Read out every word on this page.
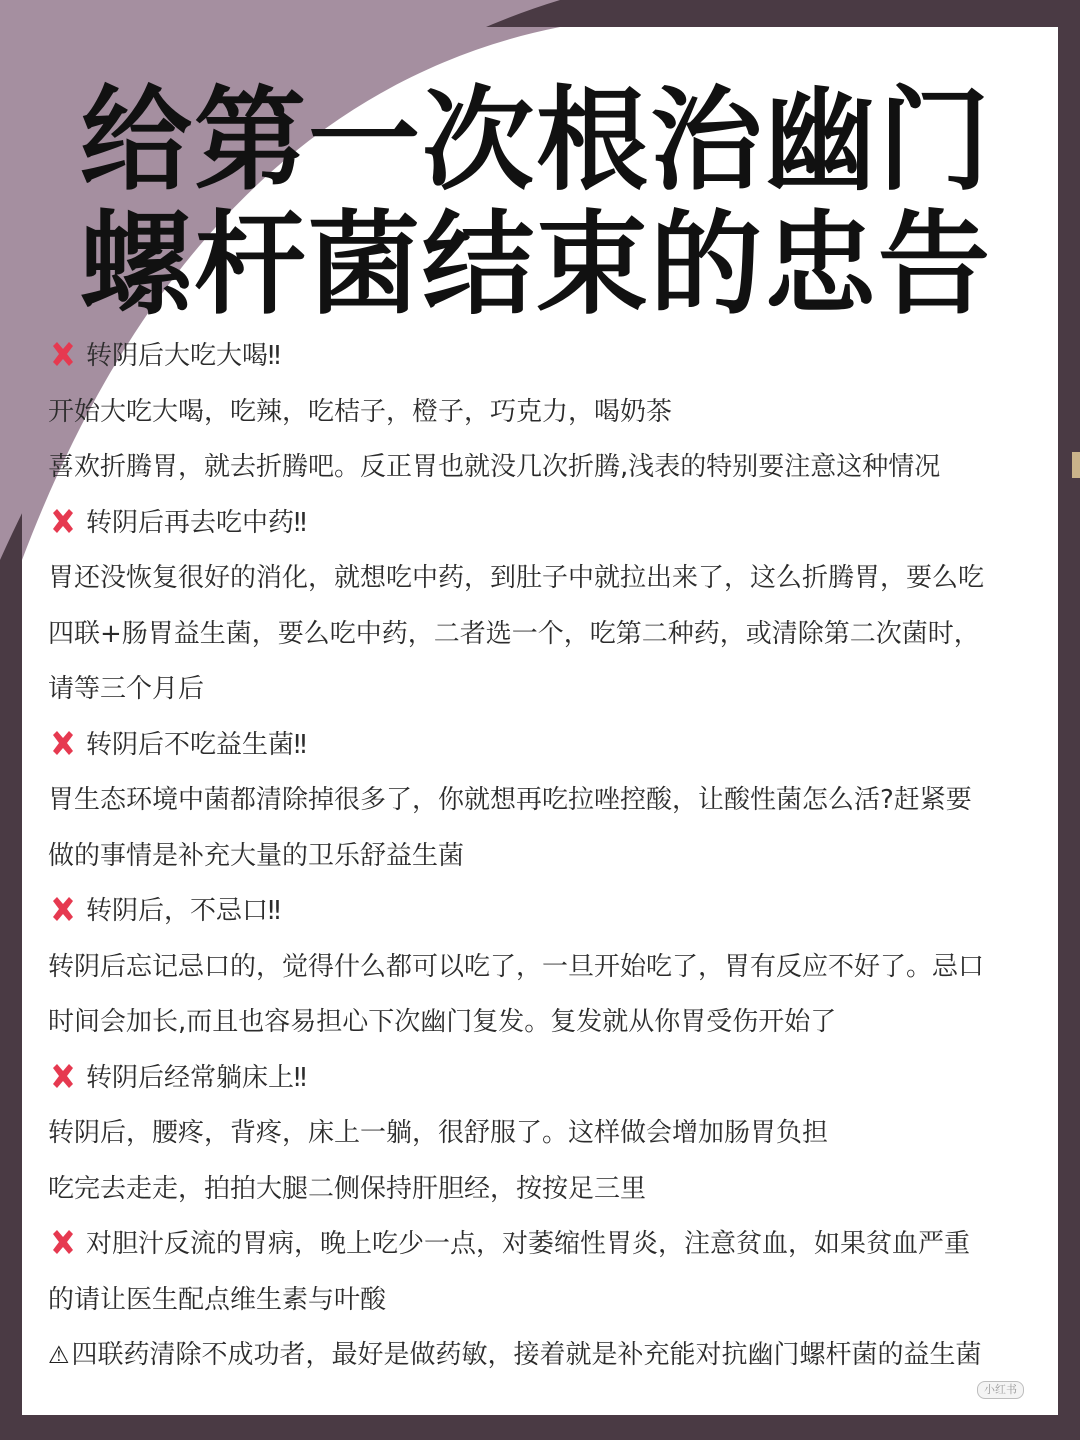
给第一次根治幽门
螺杆菌结束的忠告
转阴后大吃大喝‼
开始大吃大喝，吃辣，吃桔子，橙子，巧克力，喝奶茶
喜欢折腾胃，就去折腾吧。反正胃也就没几次折腾,浅表的特别要注意这种情况
转阴后再去吃中药‼
胃还没恢复很好的消化，就想吃中药，到肚子中就拉出来了，这么折腾胃，要么吃
四联+肠胃益生菌，要么吃中药，二者选一个，吃第二种药，或清除第二次菌时，
请等三个月后
转阴后不吃益生菌‼
胃生态环境中菌都清除掉很多了，你就想再吃拉唑控酸，让酸性菌怎么活?赶紧要
做的事情是补充大量的卫乐舒益生菌
转阴后，不忌口‼
转阴后忘记忌口的，觉得什么都可以吃了，一旦开始吃了，胃有反应不好了。忌口
时间会加长,而且也容易担心下次幽门复发。复发就从你胃受伤开始了
转阴后经常躺床上‼
转阴后，腰疼，背疼，床上一躺，很舒服了。这样做会增加肠胃负担
吃完去走走，拍拍大腿二侧保持肝胆经，按按足三里
对胆汁反流的胃病，晚上吃少一点，对萎缩性胃炎，注意贫血，如果贫血严重
的请让医生配点维生素与叶酸
⚠四联药清除不成功者，最好是做药敏，接着就是补充能对抗幽门螺杆菌的益生菌
小红书
